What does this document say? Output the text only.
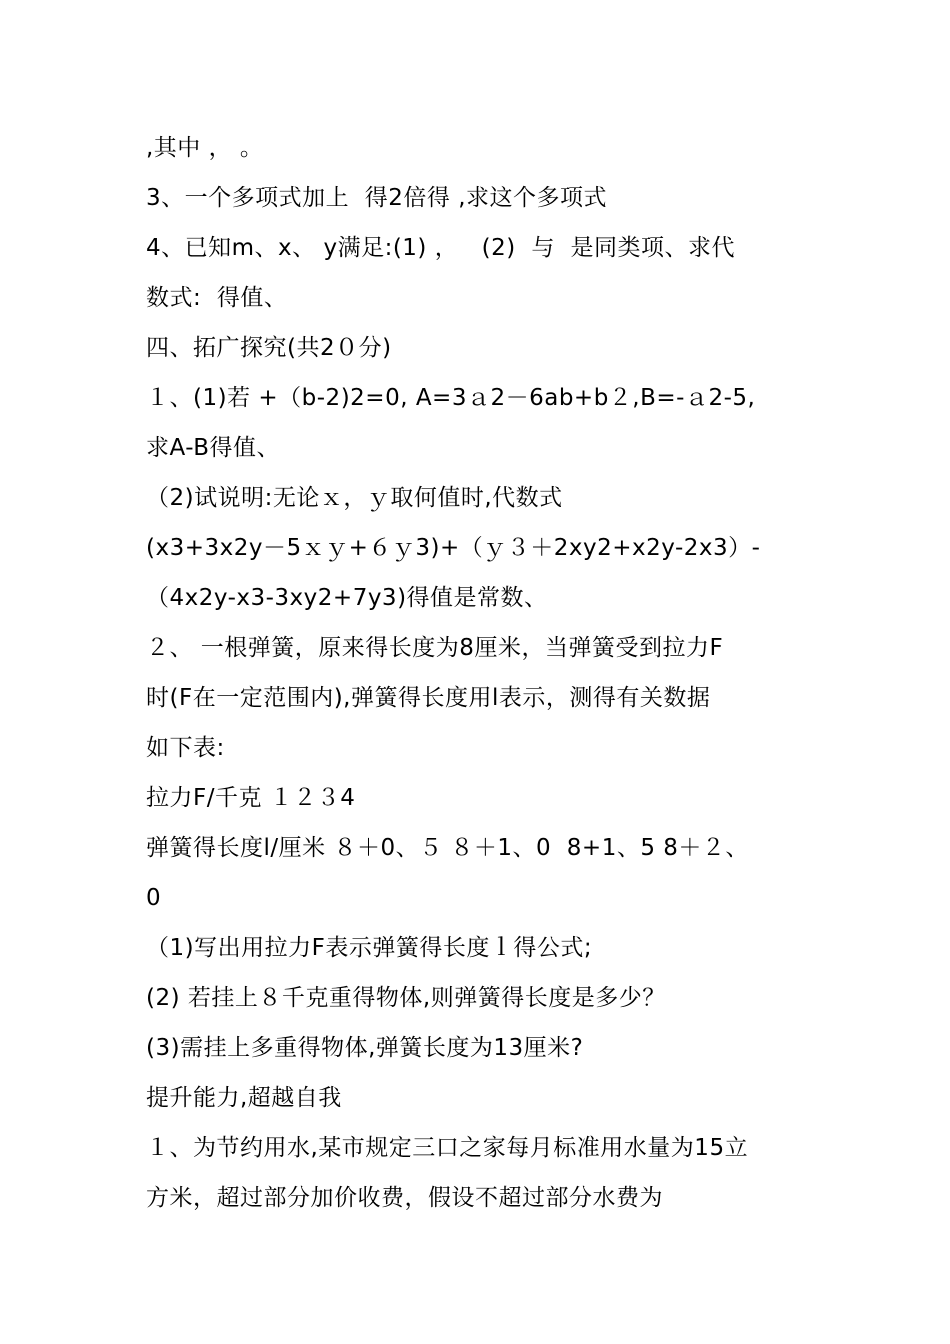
,其中 ， 。
3、一个多项式加上  得2倍得 ,求这个多项式
4、已知m、x、 y满足:(1) ，   (2)  与  是同类项、求代
数式:  得值、
四、拓广探究(共2０分)
１、(1)若 +（b-2)2=0, A=3ａ2－6ab+b２,B=-ａ2-5,
求A-B得值、
（2)试说明:无论ｘ，ｙ取何值时,代数式
(x3+3x2y－5ｘｙ+６ｙ3)+（ｙ３＋2xy2+x2y-2x3）-
（4x2y-x3-3xy2+7y3)得值是常数、
２、 一根弹簧，原来得长度为8厘米，当弹簧受到拉力F
时(F在一定范围内),弹簧得长度用l表示，测得有关数据
如下表:
拉力F/千克 １２３4
弹簧得长度l/厘米 ８＋0、５ ８＋1、0  8+1、5 8＋２、
0
（1)写出用拉力F表示弹簧得长度ｌ得公式;
(2) 若挂上８千克重得物体,则弹簧得长度是多少？
(3)需挂上多重得物体,弹簧长度为13厘米?
提升能力,超越自我
１、为节约用水,某市规定三口之家每月标准用水量为15立
方米，超过部分加价收费，假设不超过部分水费为
